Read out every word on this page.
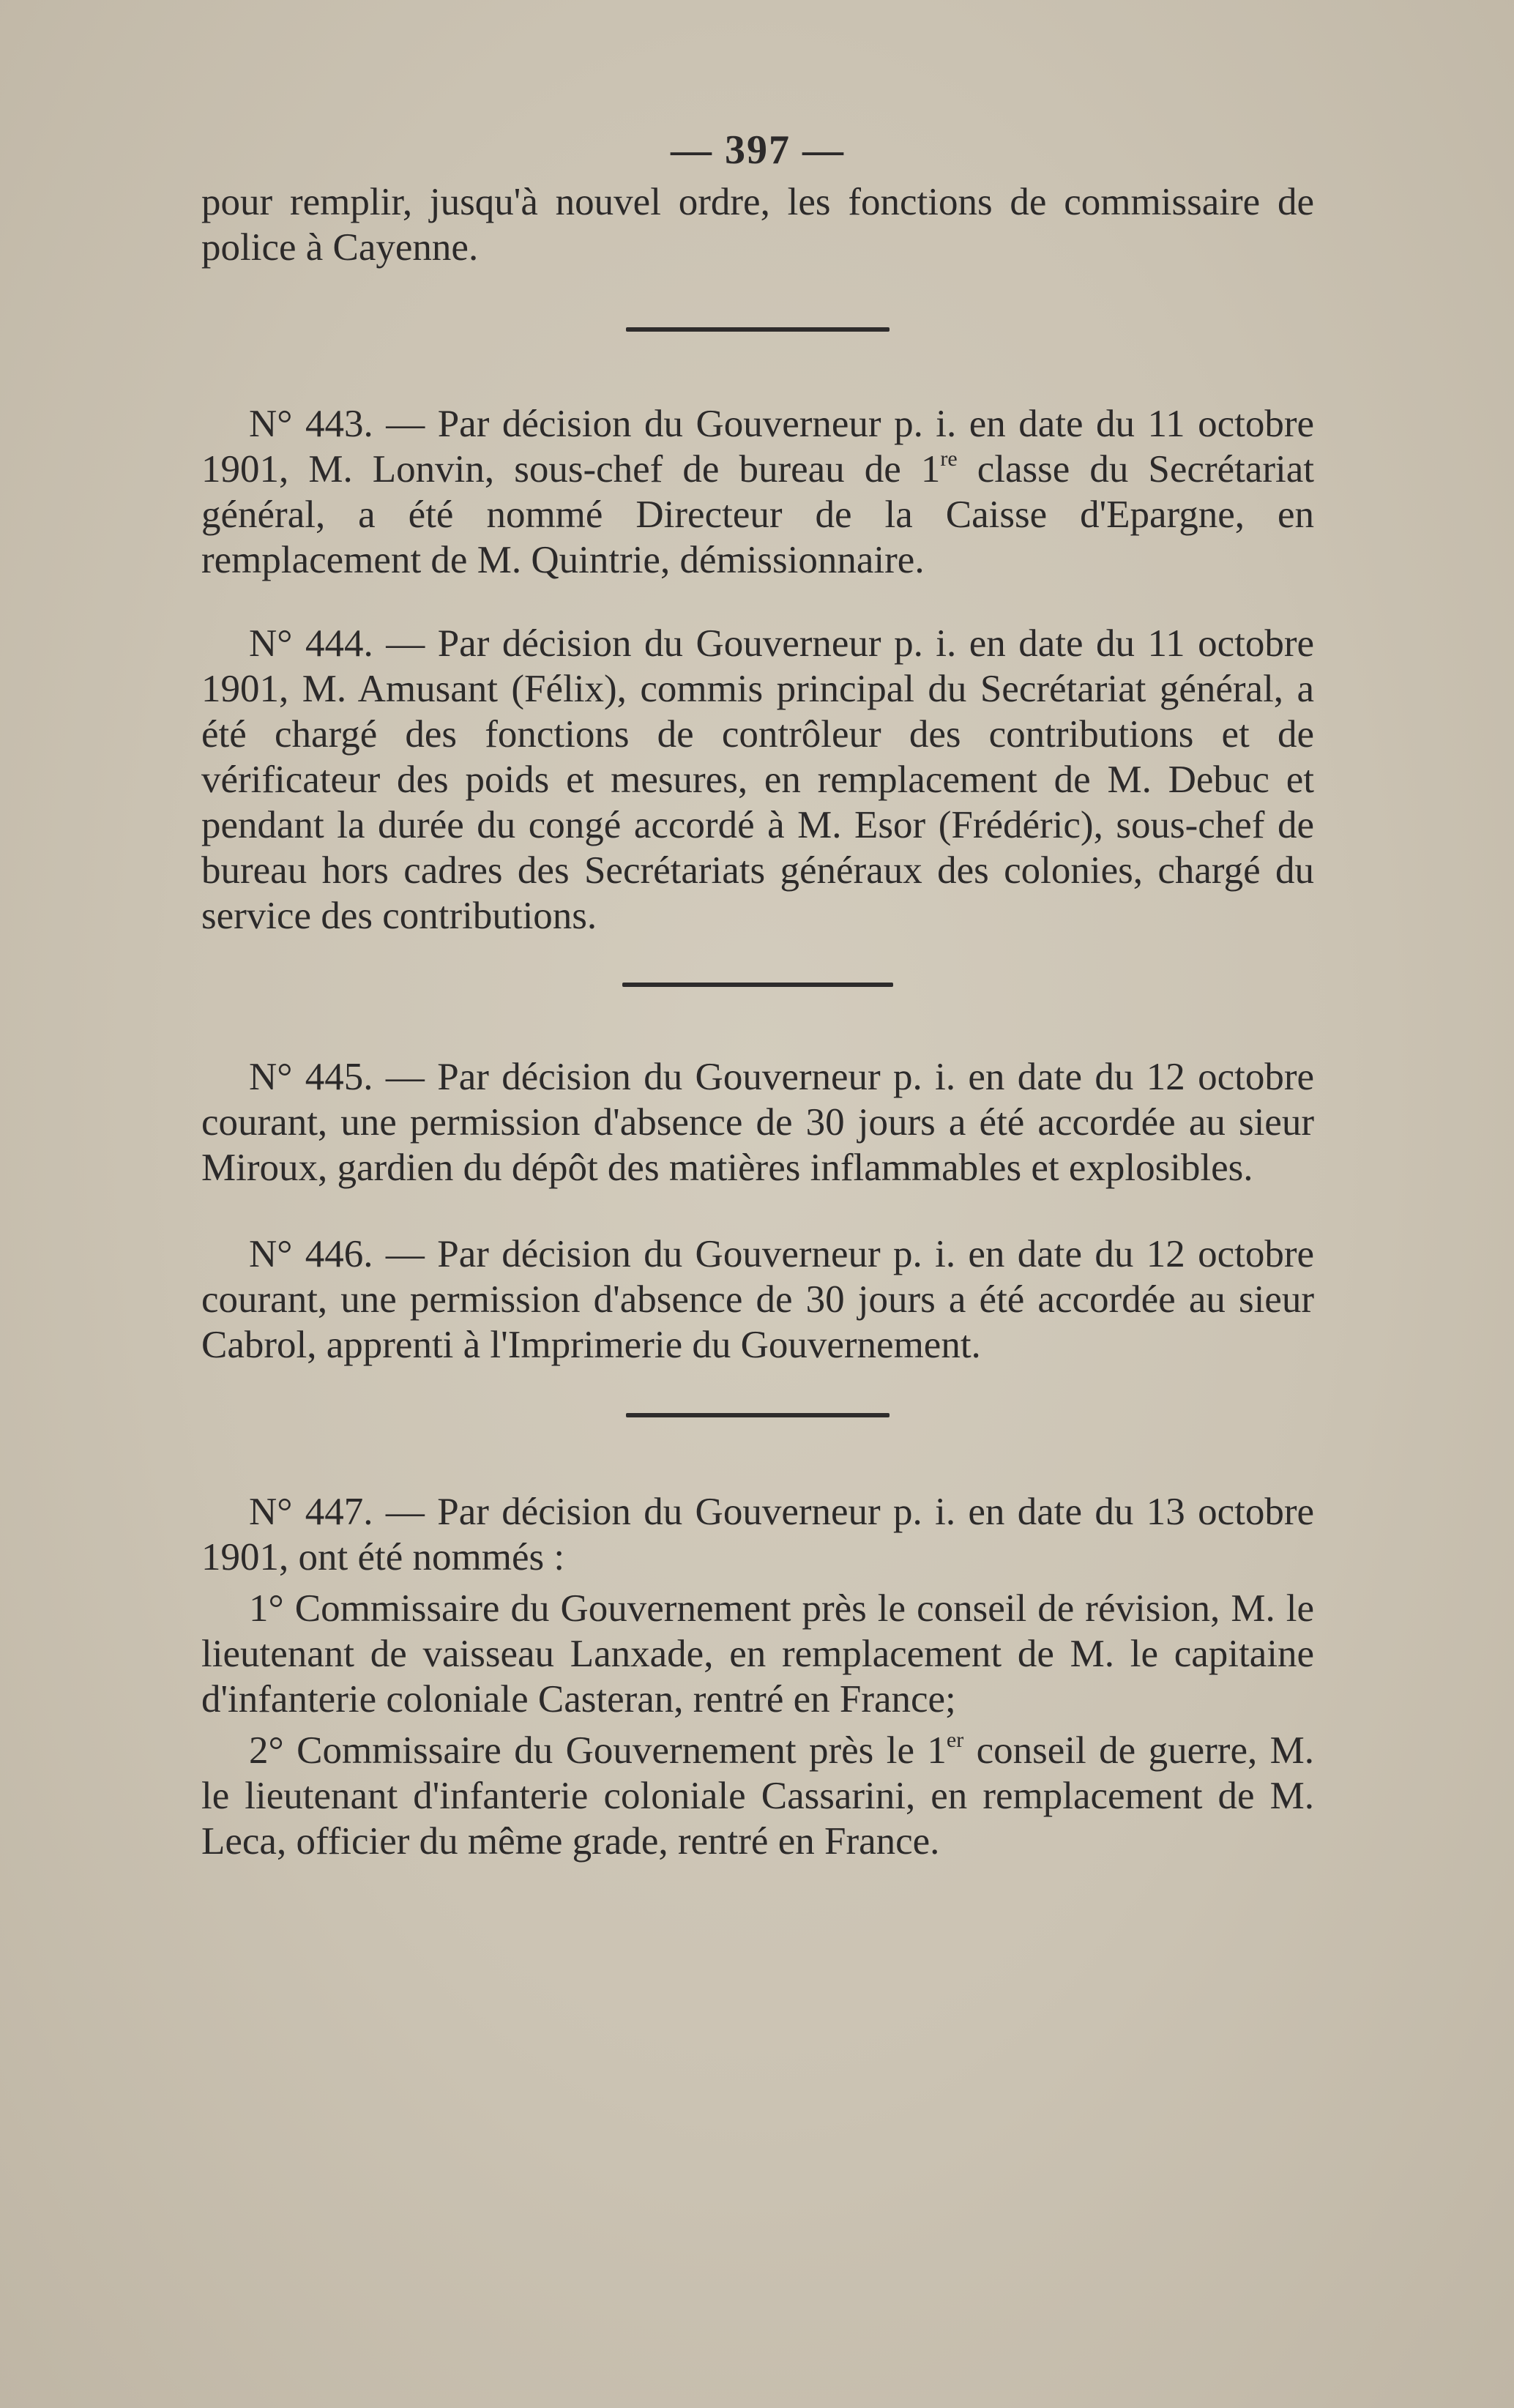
— 397 —

pour remplir, jusqu'à nouvel ordre, les fonctions de commissaire de police à Cayenne.

N° 443. — Par décision du Gouverneur p. i. en date du 11 octobre 1901, M. Lonvin, sous-chef de bureau de 1re classe du Secrétariat général, a été nommé Directeur de la Caisse d'Epargne, en remplacement de M. Quintrie, démissionnaire.

N° 444. — Par décision du Gouverneur p. i. en date du 11 octobre 1901, M. Amusant (Félix), commis principal du Secrétariat général, a été chargé des fonctions de contrôleur des contributions et de vérificateur des poids et mesures, en remplacement de M. Debuc et pendant la durée du congé accordé à M. Esor (Frédéric), sous-chef de bureau hors cadres des Secrétariats généraux des colonies, chargé du service des contributions.

N° 445. — Par décision du Gouverneur p. i. en date du 12 octobre courant, une permission d'absence de 30 jours a été accordée au sieur Miroux, gardien du dépôt des matières inflammables et explosibles.

N° 446. — Par décision du Gouverneur p. i. en date du 12 octobre courant, une permission d'absence de 30 jours a été accordée au sieur Cabrol, apprenti à l'Imprimerie du Gouvernement.

N° 447. — Par décision du Gouverneur p. i. en date du 13 octobre 1901, ont été nommés :

1° Commissaire du Gouvernement près le conseil de révision, M. le lieutenant de vaisseau Lanxade, en remplacement de M. le capitaine d'infanterie coloniale Casteran, rentré en France;

2° Commissaire du Gouvernement près le 1er conseil de guerre, M. le lieutenant d'infanterie coloniale Cassarini, en remplacement de M. Leca, officier du même grade, rentré en France.
